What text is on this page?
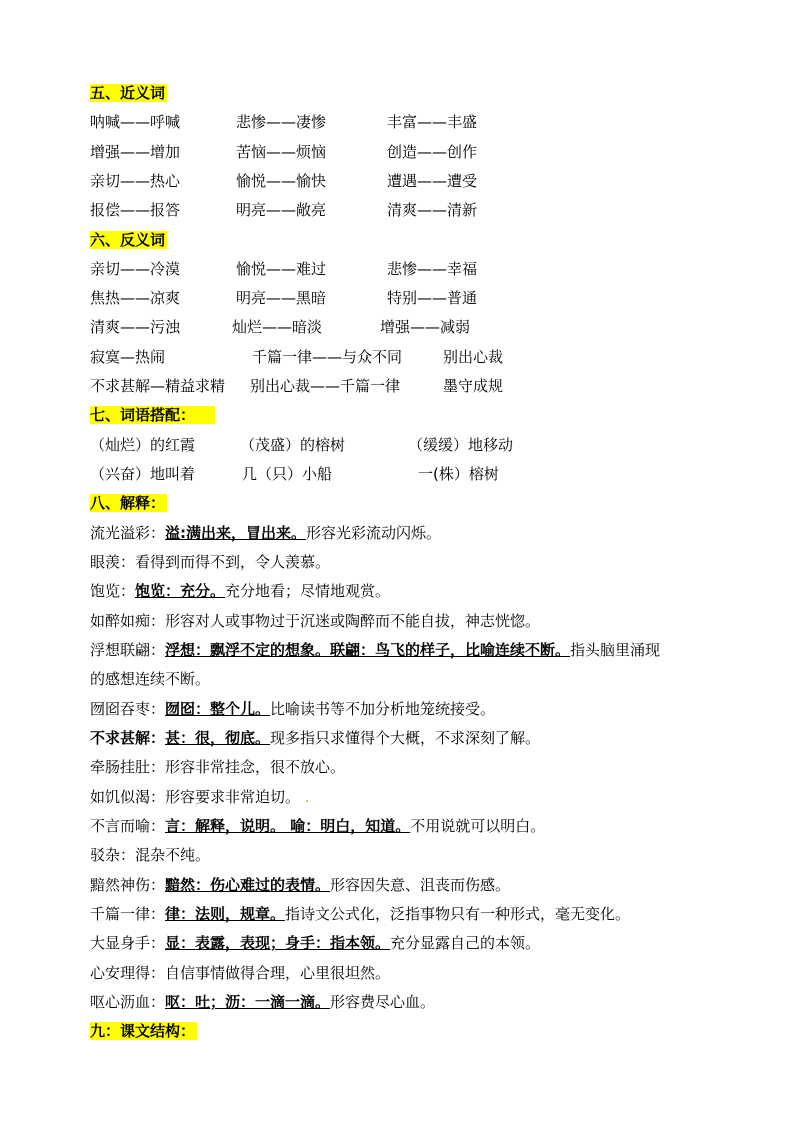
五、近义词
呐喊——呼喊	悲惨——凄惨	丰富——丰盛
增强——增加	苦恼——烦恼	创造——创作
亲切——热心	愉悦——愉快	遭遇——遭受
报偿——报答	明亮——敞亮	清爽——清新
六、反义词
亲切——冷漠	愉悦——难过	悲惨——幸福
焦热——凉爽	明亮——黑暗	特别——普通
清爽——污浊	灿烂——暗淡	增强——减弱
寂寞—热闹	千篇一律——与众不同	别出心裁
不求甚解—精益求精 别出心裁——千篇一律	墨守成规
七、词语搭配：
（灿烂）的红霞	（茂盛）的榕树	（缓缓）地移动
（兴奋）地叫着	几（只）小船	一(株）榕树
八、解释：
流光溢彩：溢:满出来，冒出来。形容光彩流动闪烁。
眼羡：看得到而得不到，令人羡慕。
饱览：饱览：充分。充分地看；尽情地观赏。
如醉如痴：形容对人或事物过于沉迷或陶醉而不能自拔，神志恍惚。
浮想联翩：浮想：飘浮不定的想象。联翩：鸟飞的样子，比喻连续不断。指头脑里涌现
的感想连续不断。
囫囵吞枣：囫囵：整个儿。比喻读书等不加分析地笼统接受。
不求甚解：甚：很，彻底。现多指只求懂得个大概，不求深刻了解。
牵肠挂肚：形容非常挂念，很不放心。
如饥似渴：形容要求非常迫切。 .
不言而喻：言：解释，说明。 喻：明白，知道。不用说就可以明白。
驳杂：混杂不纯。
黯然神伤：黯然：伤心难过的表情。形容因失意、沮丧而伤感。
千篇一律：律：法则，规章。指诗文公式化，泛指事物只有一种形式，毫无变化。
大显身手：显：表露，表现；身手：指本领。充分显露自己的本领。
心安理得：自信事情做得合理，心里很坦然。
呕心沥血：呕：吐；沥：一滴一滴。形容费尽心血。
九：课文结构：
